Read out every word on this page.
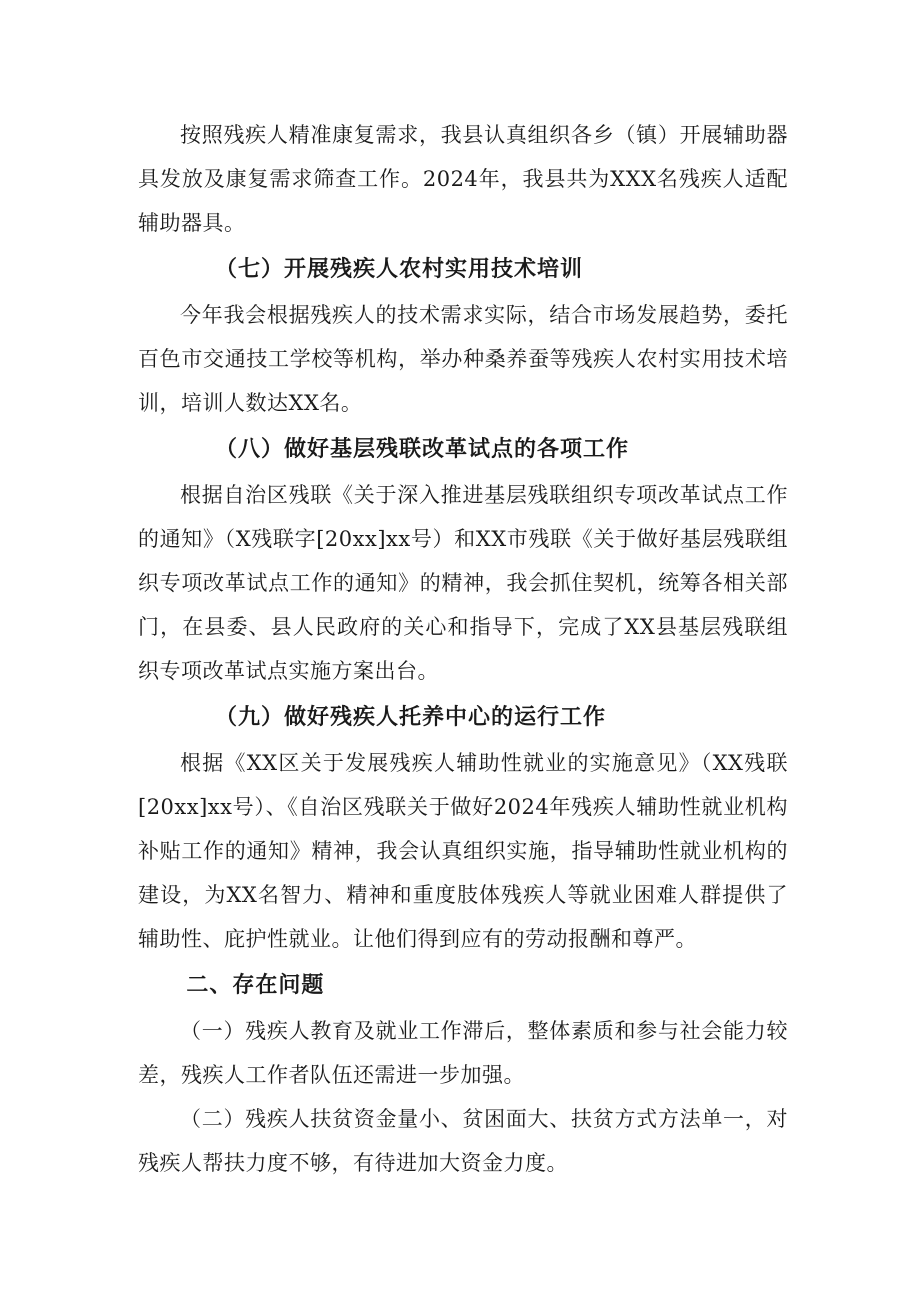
按照残疾人精准康复需求，我县认真组织各乡（镇）开展辅助器具发放及康复需求筛查工作。2024年，我县共为XXX名残疾人适配辅助器具。

（七）开展残疾人农村实用技术培训

今年我会根据残疾人的技术需求实际，结合市场发展趋势，委托百色市交通技工学校等机构，举办种桑养蚕等残疾人农村实用技术培训，培训人数达XX名。

（八）做好基层残联改革试点的各项工作

根据自治区残联《关于深入推进基层残联组织专项改革试点工作的通知》（X残联字[20xx]xx号）和XX市残联《关于做好基层残联组织专项改革试点工作的通知》的精神，我会抓住契机，统筹各相关部门，在县委、县人民政府的关心和指导下，完成了XX县基层残联组织专项改革试点实施方案出台。

（九）做好残疾人托养中心的运行工作

根据《XX区关于发展残疾人辅助性就业的实施意见》（XX残联[20xx]xx号）、《自治区残联关于做好2024年残疾人辅助性就业机构补贴工作的通知》精神，我会认真组织实施，指导辅助性就业机构的建设，为XX名智力、精神和重度肢体残疾人等就业困难人群提供了辅助性、庇护性就业。让他们得到应有的劳动报酬和尊严。

二、存在问题

（一）残疾人教育及就业工作滞后，整体素质和参与社会能力较差，残疾人工作者队伍还需进一步加强。

（二）残疾人扶贫资金量小、贫困面大、扶贫方式方法单一，对残疾人帮扶力度不够，有待进加大资金力度。
